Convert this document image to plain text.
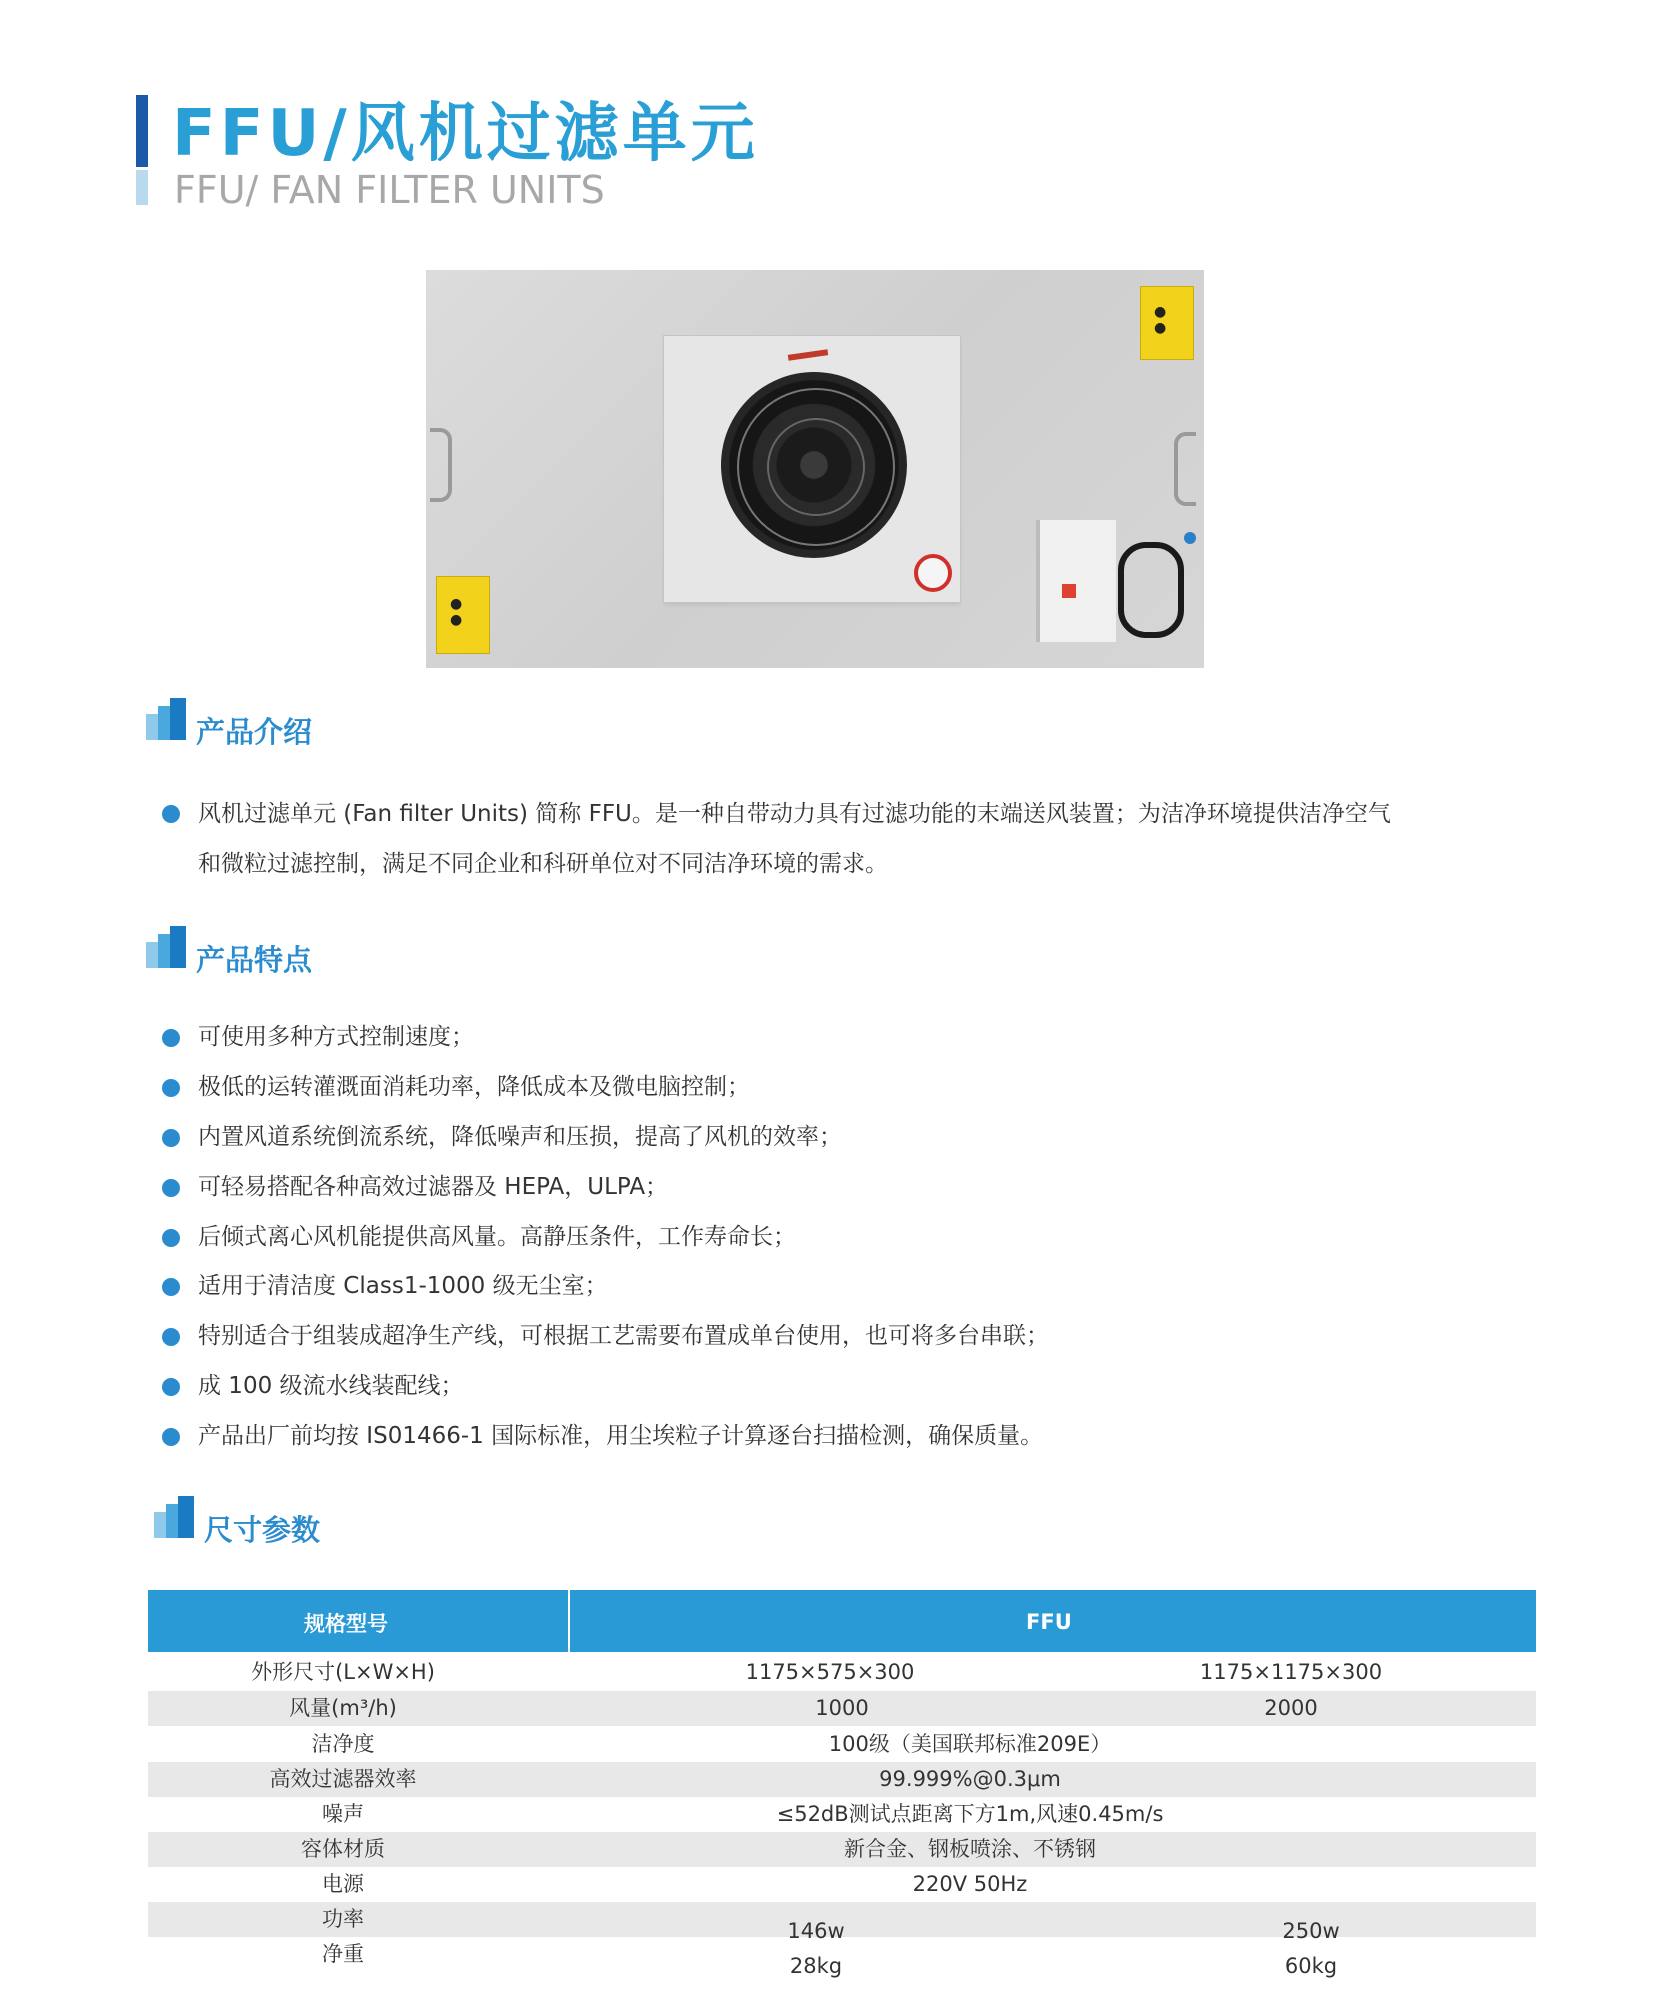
FFU/风机过滤单元
FFU/ FAN FILTER UNITS
● ●
● ●
产品介绍
风机过滤单元 (Fan filter Units) 简称 FFU。是一种自带动力具有过滤功能的末端送风装置；为洁净环境提供洁净空气
和微粒过滤控制，满足不同企业和科研单位对不同洁净环境的需求。
产品特点
可使用多种方式控制速度；
极低的运转灌溉面消耗功率，降低成本及微电脑控制；
内置风道系统倒流系统，降低噪声和压损，提高了风机的效率；
可轻易搭配各种高效过滤器及 HEPA，ULPA；
后倾式离心风机能提供高风量。高静压条件，工作寿命长；
适用于清洁度 Class1-1000 级无尘室；
特别适合于组装成超净生产线，可根据工艺需要布置成单台使用，也可将多台串联；
成 100 级流水线装配线；
产品出厂前均按 IS01466-1 国际标准，用尘埃粒子计算逐台扫描检测，确保质量。
尺寸参数
规格型号	FFU
外形尺寸(L×W×H)	1175×575×300	1175×1175×300
风量(m³/h)	1000	2000
洁净度	100级（美国联邦标准209E）
高效过滤器效率	99.999%@0.3μm
噪声	≤52dB测试点距离下方1m,风速0.45m/s
容体材质	新合金、钢板喷涂、不锈钢
电源	220V 50Hz
功率	146w	250w
净重	28kg	60kg
